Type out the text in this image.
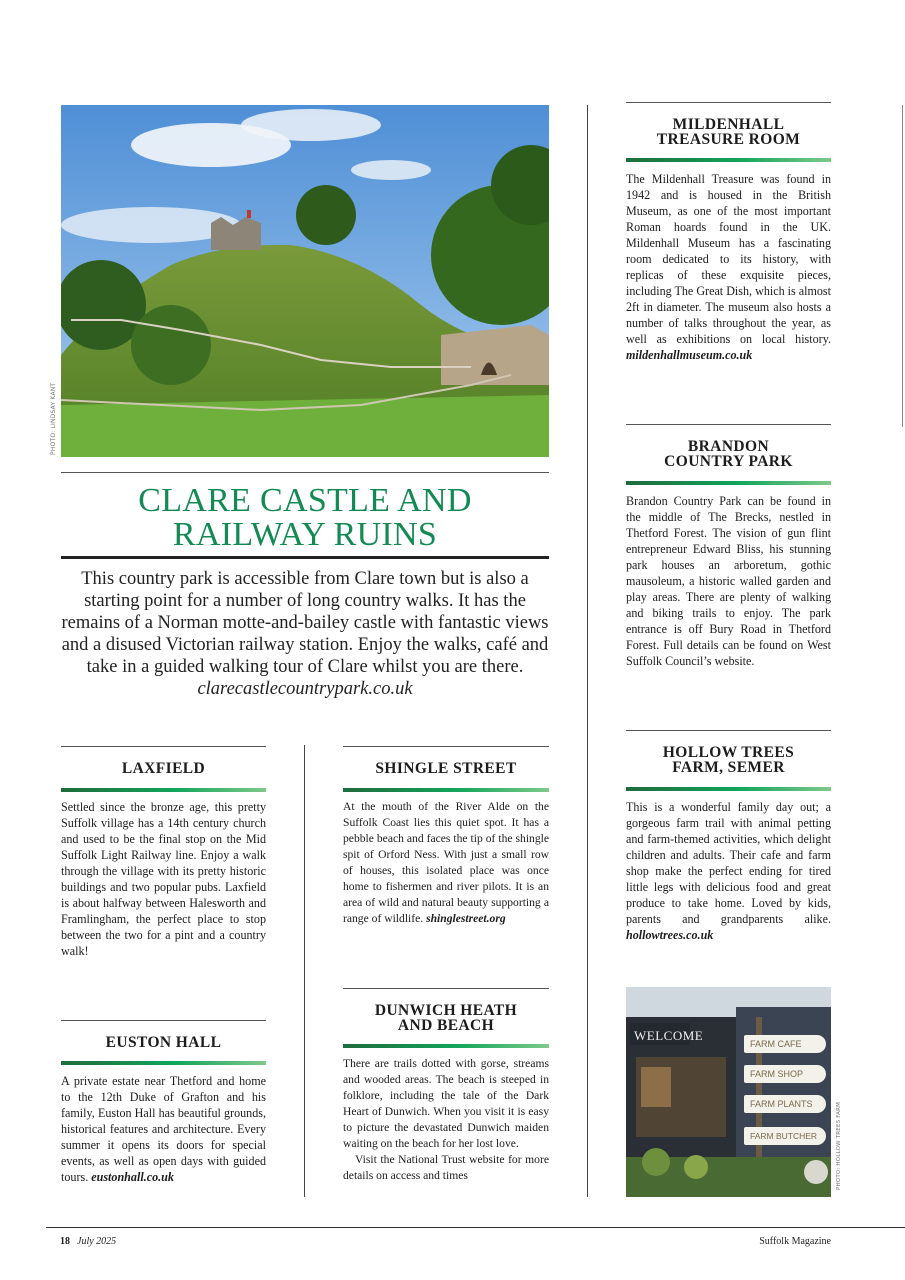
PHOTO: LINDSAY KANT
CLARE CASTLE AND
RAILWAY RUINS
This country park is accessible from Clare town but is also a starting point for a number of long country walks. It has the remains of a Norman motte-and-bailey castle with fantastic views and a disused Victorian railway station. Enjoy the walks, café and take in a guided walking tour of Clare whilst you are there. clarecastlecountrypark.co.uk
MILDENHALL
TREASURE ROOM
The Mildenhall Treasure was found in 1942 and is housed in the British Museum, as one of the most important Roman hoards found in the UK. Mildenhall Museum has a fascinating room dedicated to its history, with replicas of these exquisite pieces, including The Great Dish, which is almost 2ft in diameter. The museum also hosts a number of talks throughout the year, as well as exhibitions on local history. mildenhallmuseum.co.uk
BRANDON
COUNTRY PARK
Brandon Country Park can be found in the middle of The Brecks, nestled in Thetford Forest. The vision of gun flint entrepreneur Edward Bliss, his stunning park houses an arboretum, gothic mausoleum, a historic walled garden and play areas. There are plenty of walking and biking trails to enjoy. The park entrance is off Bury Road in Thetford Forest. Full details can be found on West Suffolk Council’s website.
LAXFIELD
Settled since the bronze age, this pretty Suffolk village has a 14th century church and used to be the final stop on the Mid Suffolk Light Railway line. Enjoy a walk through the village with its pretty historic buildings and two popular pubs. Laxfield is about halfway between Halesworth and Framlingham, the perfect place to stop between the two for a pint and a country walk!
SHINGLE STREET
At the mouth of the River Alde on the Suffolk Coast lies this quiet spot. It has a pebble beach and faces the tip of the shingle spit of Orford Ness. With just a small row of houses, this isolated place was once home to fishermen and river pilots. It is an area of wild and natural beauty supporting a range of wildlife. shinglestreet.org
HOLLOW TREES
FARM, SEMER
This is a wonderful family day out; a gorgeous farm trail with animal petting and farm-themed activities, which delight children and adults. Their cafe and farm shop make the perfect ending for tired little legs with delicious food and great produce to take home. Loved by kids, parents and grandparents alike. hollowtrees.co.uk
EUSTON HALL
A private estate near Thetford and home to the 12th Duke of Grafton and his family, Euston Hall has beautiful grounds, historical features and architecture. Every summer it opens its doors for special events, as well as open days with guided tours. eustonhall.co.uk
DUNWICH HEATH
AND BEACH

There are trails dotted with gorse, streams and wooded areas. The beach is steeped in folklore, including the tale of the Dark Heart of Dunwich. When you visit it is easy to picture the devastated Dunwich maiden waiting on the beach for her lost love.

Visit the National Trust website for more details on access and times

WELCOME
FARM CAFE
FARM SHOP
FARM PLANTS
FARM BUTCHER	PHOTO: HOLLOW TREES FARM
18 July 2025	Suffolk Magazine
